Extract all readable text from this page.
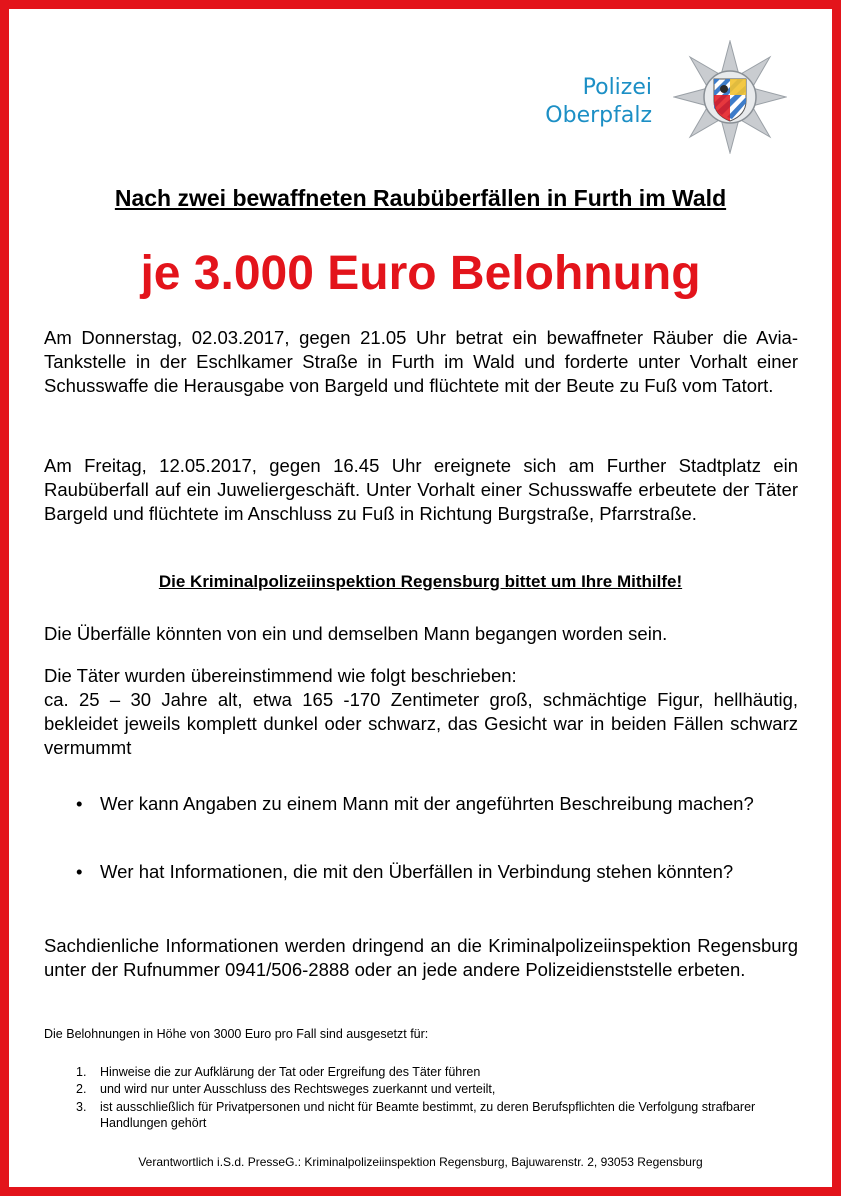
Polizei
Oberpfalz
Nach zwei bewaffneten Raubüberfällen in Furth im Wald
je 3.000 Euro Belohnung
Am Donnerstag, 02.03.2017, gegen 21.05 Uhr betrat ein bewaffneter Räuber die Avia-Tankstelle in der Eschlkamer Straße in Furth im Wald und forderte unter Vorhalt einer Schusswaffe die Herausgabe von Bargeld und flüchtete mit der Beute zu Fuß vom Tatort.
Am Freitag, 12.05.2017, gegen 16.45 Uhr ereignete sich am Further Stadtplatz ein Raubüberfall auf ein Juweliergeschäft. Unter Vorhalt einer Schusswaffe erbeutete der Täter Bargeld und flüchtete im Anschluss zu Fuß in Richtung Burgstraße, Pfarrstraße.
Die Kriminalpolizeiinspektion Regensburg bittet um Ihre Mithilfe!
Die Überfälle könnten von ein und demselben Mann begangen worden sein.
Die Täter wurden übereinstimmend wie folgt beschrieben:
ca. 25 – 30 Jahre alt, etwa 165 -170 Zentimeter groß, schmächtige Figur, hellhäutig, bekleidet jeweils komplett dunkel oder schwarz, das Gesicht war in beiden Fällen schwarz vermummt
• Wer kann Angaben zu einem Mann mit der angeführten Beschreibung machen?
• Wer hat Informationen, die mit den Überfällen in Verbindung stehen könnten?
Sachdienliche Informationen werden dringend an die Kriminalpolizeiinspektion Regensburg unter der Rufnummer 0941/506-2888 oder an jede andere Polizeidienststelle erbeten.
Die Belohnungen in Höhe von 3000 Euro pro Fall sind ausgesetzt für:
1.	Hinweise die zur Aufklärung der Tat oder Ergreifung des Täter führen
2.	und wird nur unter Ausschluss des Rechtsweges zuerkannt und verteilt,
3.	ist ausschließlich für Privatpersonen und nicht für Beamte bestimmt, zu deren Berufspflichten die Verfolgung strafbarer Handlungen gehört
Verantwortlich i.S.d. PresseG.: Kriminalpolizeiinspektion Regensburg, Bajuwarenstr. 2, 93053 Regensburg
